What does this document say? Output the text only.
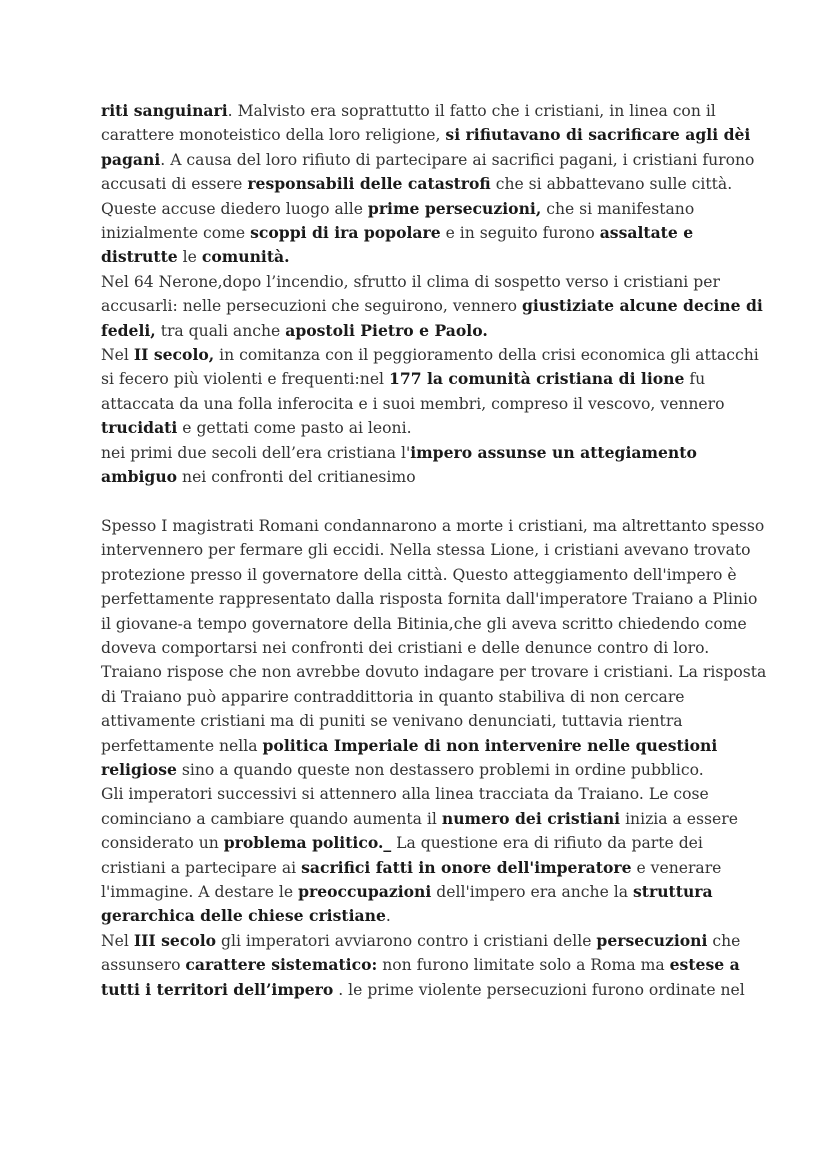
riti sanguinari. Malvisto era soprattutto il fatto che i cristiani, in linea con il carattere monoteistico della loro religione, si rifiutavano di sacrificare agli dèi pagani. A causa del loro rifiuto di partecipare ai sacrifici pagani, i cristiani furono accusati di essere responsabili delle catastrofi che si abbattevano sulle città. Queste accuse diedero luogo alle prime persecuzioni, che si manifestano inizialmente come scoppi di ira popolare e in seguito furono assaltate e distrutte le comunità.

Nel 64 Nerone,dopo l’incendio, sfrutto il clima di sospetto verso i cristiani per accusarli: nelle persecuzioni che seguirono, vennero giustiziate alcune decine di fedeli, tra quali anche apostoli Pietro e Paolo.

Nel II secolo, in comitanza con il peggioramento della crisi economica gli attacchi si fecero più violenti e frequenti:nel 177 la comunità cristiana di lione fu attaccata da una folla inferocita e i suoi membri, compreso il vescovo, vennero trucidati e gettati come pasto ai leoni.

nei primi due secoli dell’era cristiana l'impero assunse un attegiamento ambiguo nei confronti del critianesimo

Spesso I magistrati Romani condannarono a morte i cristiani, ma altrettanto spesso intervennero per fermare gli eccidi. Nella stessa Lione, i cristiani avevano trovato protezione presso il governatore della città. Questo atteggiamento dell'impero è perfettamente rappresentato dalla risposta fornita dall'imperatore Traiano a Plinio il giovane-a tempo governatore della Bitinia,che gli aveva scritto chiedendo come doveva comportarsi nei confronti dei cristiani e delle denunce contro di loro. Traiano rispose che non avrebbe dovuto indagare per trovare i cristiani. La risposta di Traiano può apparire contraddittoria in quanto stabiliva di non cercare attivamente cristiani ma di puniti se venivano denunciati, tuttavia rientra perfettamente nella politica Imperiale di non intervenire nelle questioni religiose sino a quando queste non destassero problemi in ordine pubblico.

Gli imperatori successivi si attennero alla linea tracciata da Traiano. Le cose cominciano a cambiare quando aumenta il numero dei cristiani inizia a essere considerato un problema politico._ La questione era di rifiuto da parte dei cristiani a partecipare ai sacrifici fatti in onore dell'imperatore e venerare l'immagine. A destare le preoccupazioni dell'impero era anche la struttura gerarchica delle chiese cristiane.

Nel III secolo gli imperatori avviarono contro i cristiani delle persecuzioni che assunsero carattere sistematico: non furono limitate solo a Roma ma estese a tutti i territori dell’impero . le prime violente persecuzioni furono ordinate nel
